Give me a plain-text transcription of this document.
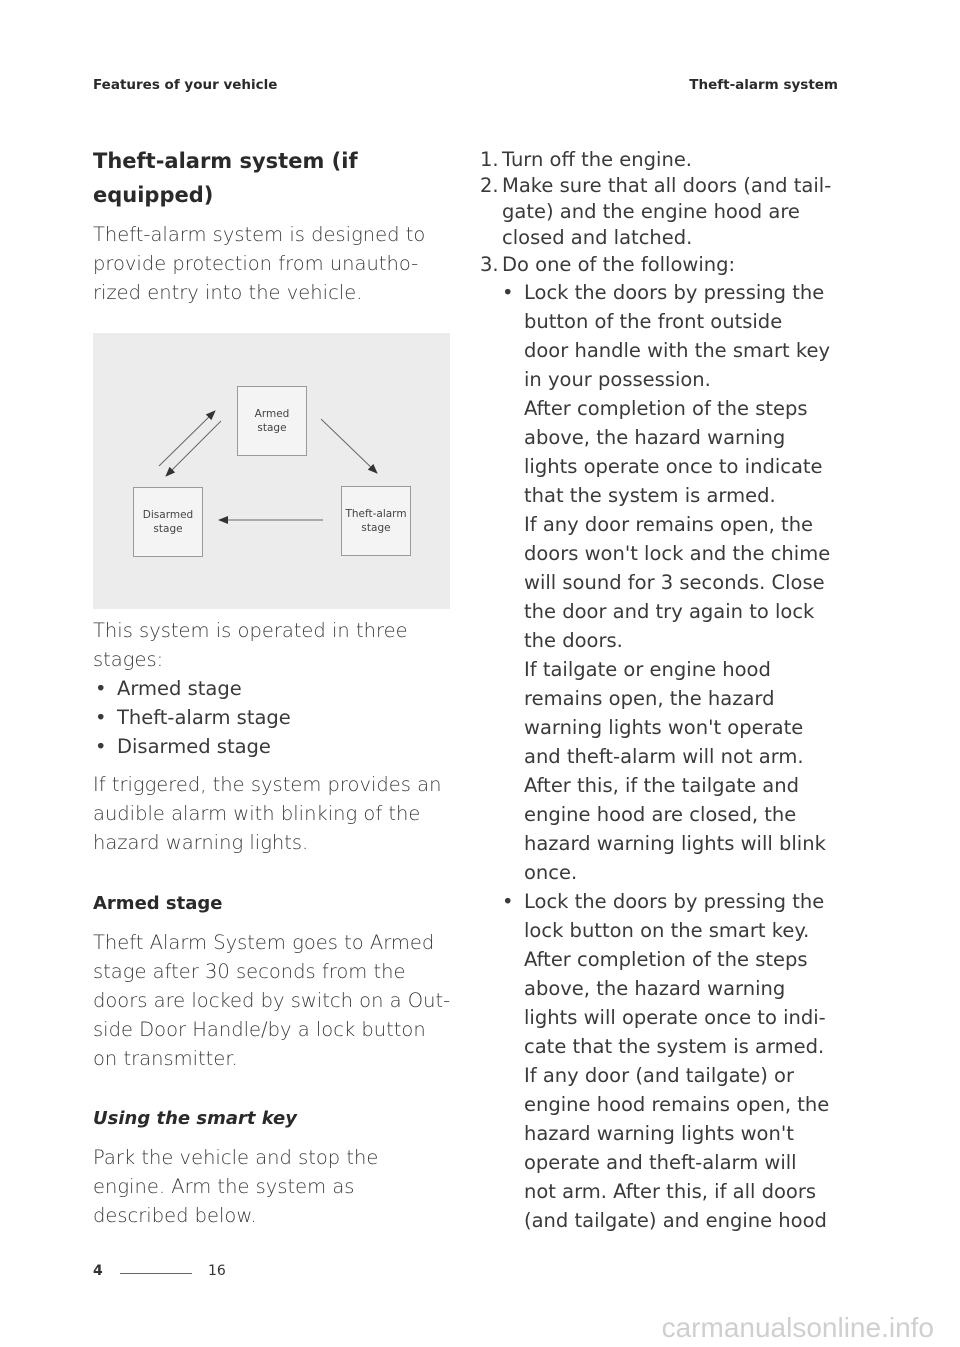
Features of your vehicle	Theft-alarm system
Theft-alarm system (if
equipped)
Theft-alarm system is designed to
provide protection from unautho-
rized entry into the vehicle.
This system is operated in three
stages:
• Armed stage
• Theft-alarm stage
• Disarmed stage
If triggered, the system provides an
audible alarm with blinking of the
hazard warning lights.
Armed stage
Theft Alarm System goes to Armed
stage after 30 seconds from the
doors are locked by switch on a Out-
side Door Handle/by a lock button
on transmitter.
Using the smart key
Park the vehicle and stop the
engine. Arm the system as
described below.
Armed
stage
Theft-alarm
stage
Disarmed
stage
1. Turn off the engine.
2. Make sure that all doors (and tail-
gate) and the engine hood are
closed and latched.
3. Do one of the following:
• Lock the doors by pressing the
button of the front outside
door handle with the smart key
in your possession.
After completion of the steps
above, the hazard warning
lights operate once to indicate
that the system is armed.
If any door remains open, the
doors won't lock and the chime
will sound for 3 seconds. Close
the door and try again to lock
the doors.
If tailgate or engine hood
remains open, the hazard
warning lights won't operate
and theft-alarm will not arm.
After this, if the tailgate and
engine hood are closed, the
hazard warning lights will blink
once.
• Lock the doors by pressing the
lock button on the smart key.
After completion of the steps
above, the hazard warning
lights will operate once to indi-
cate that the system is armed.
If any door (and tailgate) or
engine hood remains open, the
hazard warning lights won't
operate and theft-alarm will
not arm. After this, if all doors
(and tailgate) and engine hood
4	16
carmanualsonline.info
